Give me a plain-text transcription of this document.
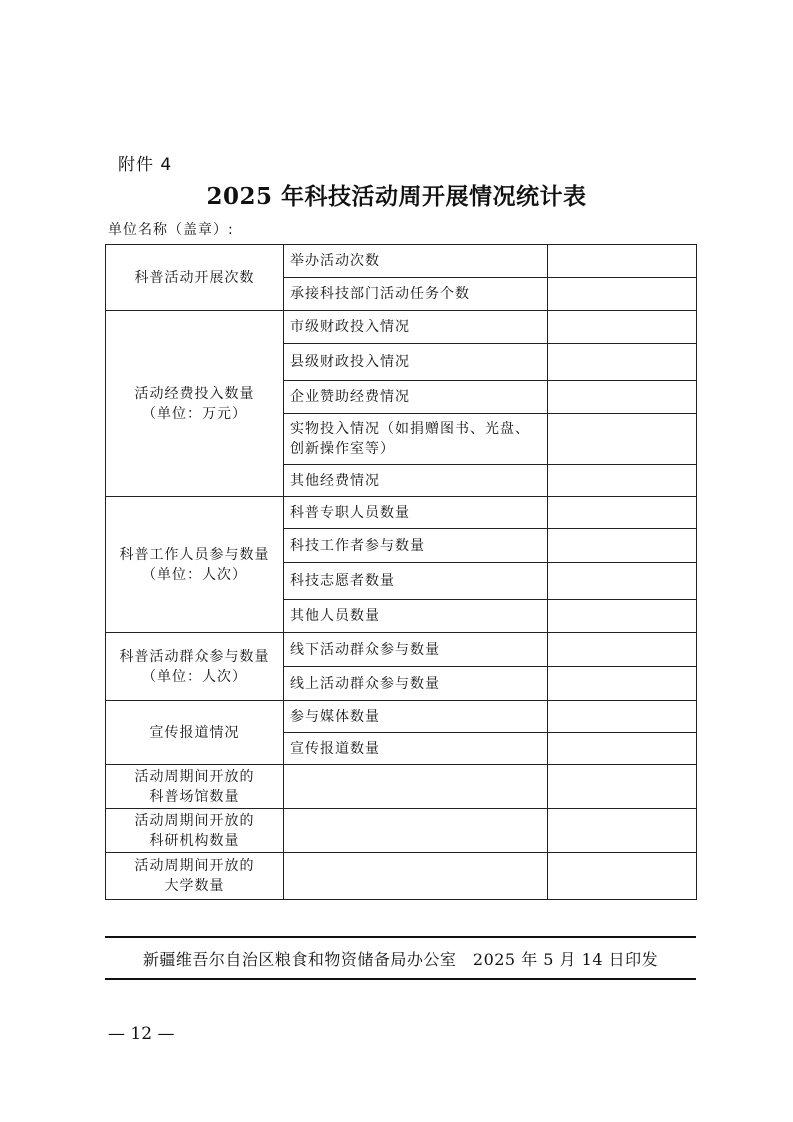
附件 4
2025 年科技活动周开展情况统计表
单位名称（盖章）:
科普活动开展次数	举办活动次数	
	承接科技部门活动任务个数	

活动经费投入数量
（单位：万元）	市级财政投入情况	
	县级财政投入情况	
	企业赞助经费情况	
	实物投入情况（如捐赠图书、光盘、创新操作室等）	
	其他经费情况	

科普工作人员参与数量
（单位：人次）	科普专职人员数量	
	科技工作者参与数量	
	科技志愿者数量	
	其他人员数量	

科普活动群众参与数量
（单位：人次）	线下活动群众参与数量	
	线上活动群众参与数量	

宣传报道情况	参与媒体数量	
	宣传报道数量	

活动周期间开放的
科普场馆数量		

活动周期间开放的
科研机构数量		

活动周期间开放的
大学数量		

新疆维吾尔自治区粮食和物资储备局办公室　2025 年 5 月 14 日印发
— 12 —
